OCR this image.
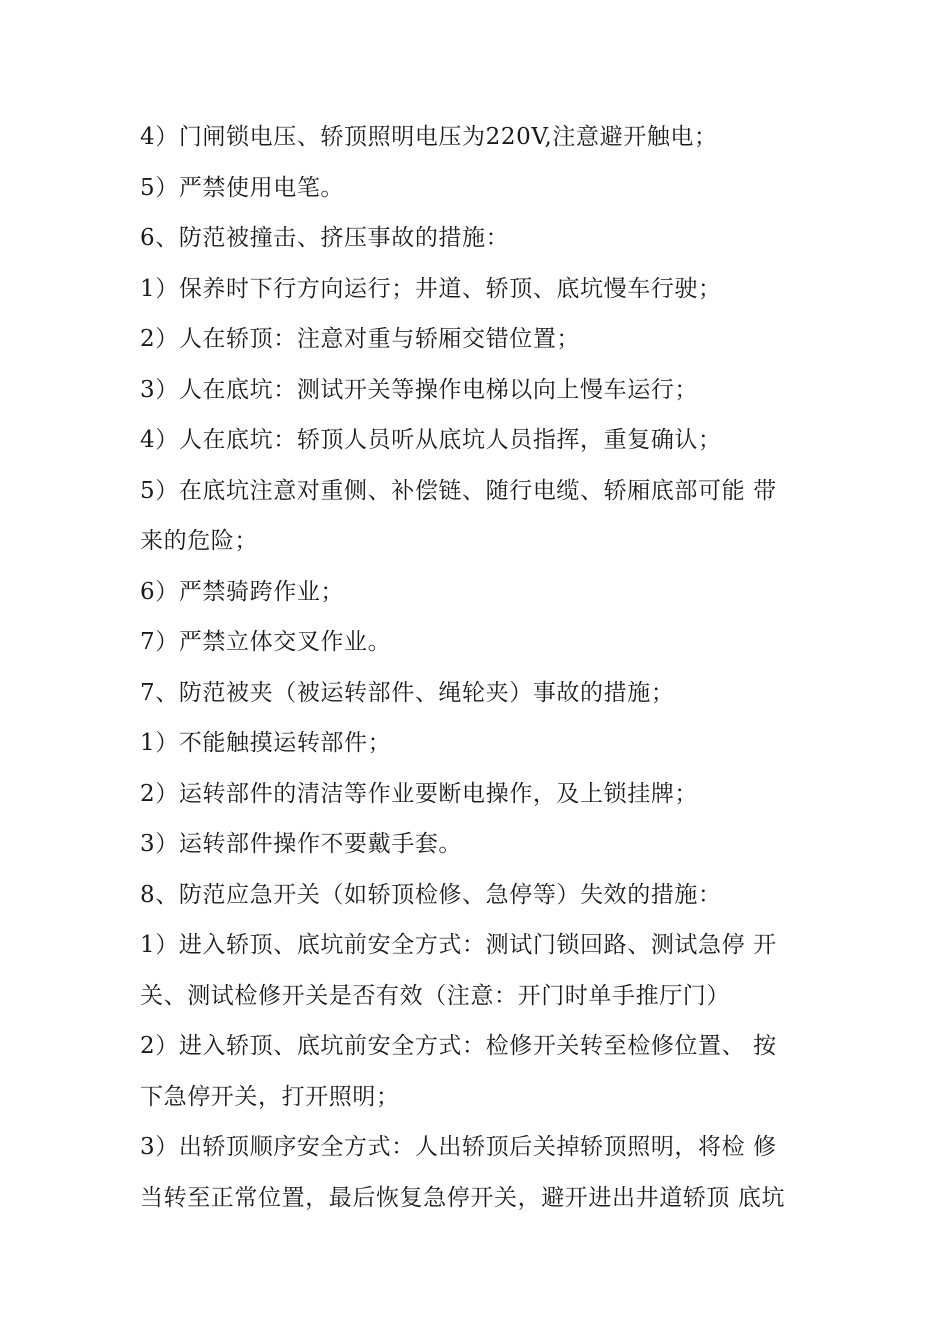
4）门闸锁电压、轿顶照明电压为220V,注意避开触电；
5）严禁使用电笔。
6、防范被撞击、挤压事故的措施：
1）保养时下行方向运行；井道、轿顶、底坑慢车行驶；
2）人在轿顶：注意对重与轿厢交错位置；
3）人在底坑：测试开关等操作电梯以向上慢车运行；
4）人在底坑：轿顶人员听从底坑人员指挥，重复确认；
5）在底坑注意对重侧、补偿链、随行电缆、轿厢底部可能 带
来的危险；
6）严禁骑跨作业；
7）严禁立体交叉作业。
7、防范被夹（被运转部件、绳轮夹）事故的措施；
1）不能触摸运转部件；
2）运转部件的清洁等作业要断电操作，及上锁挂牌；
3）运转部件操作不要戴手套。
8、防范应急开关（如轿顶检修、急停等）失效的措施：
1）进入轿顶、底坑前安全方式：测试门锁回路、测试急停 开
关、测试检修开关是否有效（注意：开门时单手推厅门）
2）进入轿顶、底坑前安全方式：检修开关转至检修位置、 按
下急停开关，打开照明；
3）出轿顶顺序安全方式：人出轿顶后关掉轿顶照明，将检 修
当转至正常位置，最后恢复急停开关，避开进出井道轿顶 底坑
